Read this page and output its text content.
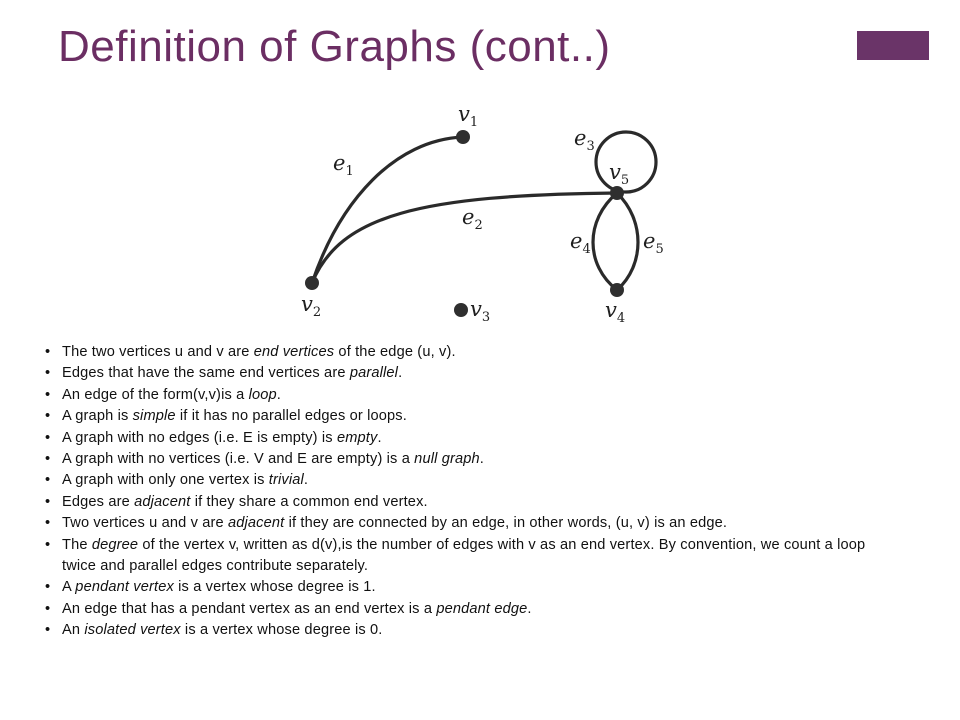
Definition of Graphs (cont..)
$v_1$
$v_2$	$v_3$	$v_4$
$v_5$
$e_1$
$e_2$
$e_3$
$e_4$ $e_5$
• The two vertices u and v are end vertices of the edge (u, v).
• Edges that have the same end vertices are parallel.
• An edge of the form(v,v)is a loop.
• A graph is simple if it has no parallel edges or loops.
• A graph with no edges (i.e. E is empty) is empty.
• A graph with no vertices (i.e. V and E are empty) is a null graph.
• A graph with only one vertex is trivial.
• Edges are adjacent if they share a common end vertex.
• Two vertices u and v are adjacent if they are connected by an edge, in other words, (u, v) is an edge.
• The degree of the vertex v, written as d(v),is the number of edges with v as an end vertex. By convention, we count a loop twice and parallel edges contribute separately.
• A pendant vertex is a vertex whose degree is 1.
• An edge that has a pendant vertex as an end vertex is a pendant edge.
• An isolated vertex is a vertex whose degree is 0.
